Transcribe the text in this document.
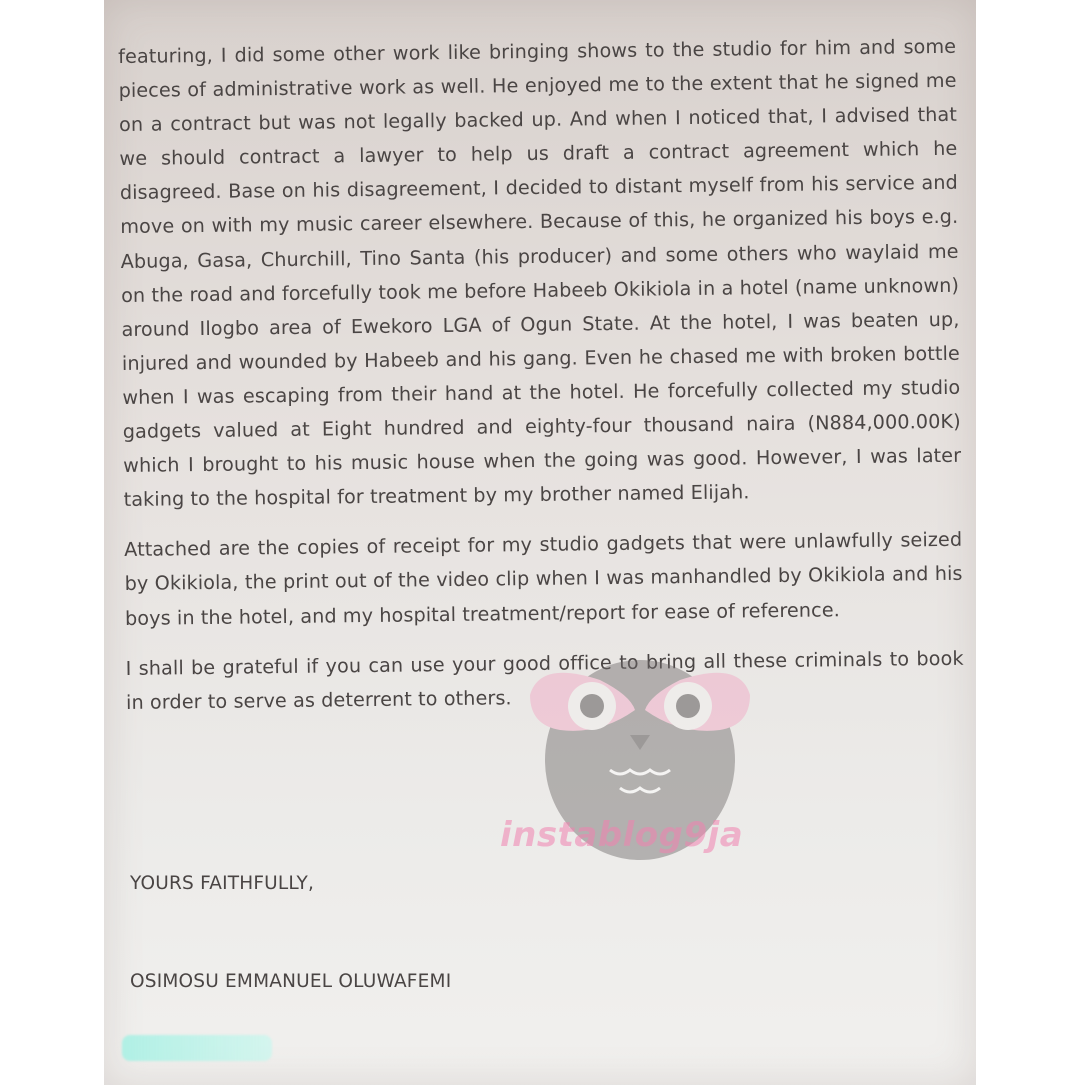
featuring, I did some other work like bringing shows to the studio for him and some pieces of administrative work as well. He enjoyed me to the extent that he signed me on a contract but was not legally backed up. And when I noticed that, I advised that we should contract a lawyer to help us draft a contract agreement which he disagreed. Base on his disagreement, I decided to distant myself from his service and move on with my music career elsewhere. Because of this, he organized his boys e.g. Abuga, Gasa, Churchill, Tino Santa (his producer) and some others who waylaid me on the road and forcefully took me before Habeeb Okikiola in a hotel (name unknown) around Ilogbo area of Ewekoro LGA of Ogun State. At the hotel, I was beaten up, injured and wounded by Habeeb and his gang. Even he chased me with broken bottle when I was escaping from their hand at the hotel. He forcefully collected my studio gadgets valued at Eight hundred and eighty-four thousand naira (N884,000.00K) which I brought to his music house when the going was good. However, I was later taking to the hospital for treatment by my brother named Elijah.

Attached are the copies of receipt for my studio gadgets that were unlawfully seized by Okikiola, the print out of the video clip when I was manhandled by Okikiola and his boys in the hotel, and my hospital treatment/report for ease of reference.

I shall be grateful if you can use your good office to bring all these criminals to book in order to serve as deterrent to others.

YOURS FAITHFULLY,
OSIMOSU EMMANUEL OLUWAFEMI
instablog9ja
